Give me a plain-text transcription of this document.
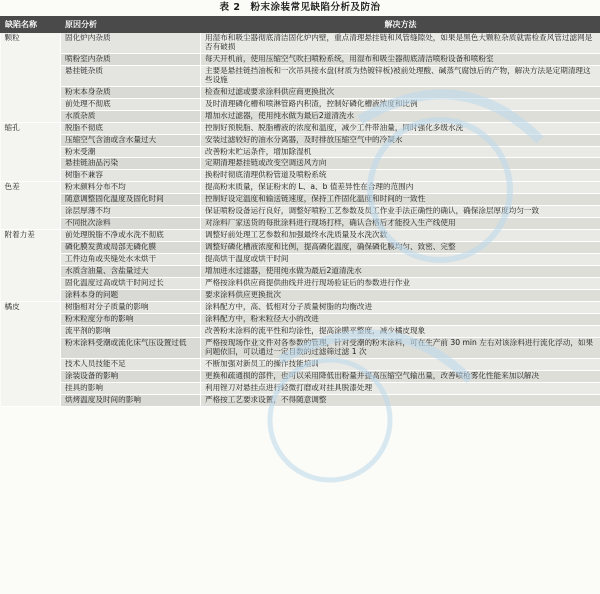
表 2　粉末涂装常见缺陷分析及防治
缺陷名称	原因分析	解决方法
颗粒	固化炉内杂质	用湿布和吸尘器彻底清洁固化炉内壁，重点清理悬挂链和风管缝隙处，如果是黑色大颗粒杂质就需检查风管过滤网是否有破损
	喷粉室内杂质	每天开机前，使用压缩空气吹扫喷粉系统，用湿布和吸尘器彻底清洁喷粉设备和喷粉室
	悬挂链杂质	主要是悬挂链挡油板和一次吊具接水盘(材质为热镀锌板)被前处理酸、碱蒸气腐蚀后的产物，解决方法是定期清理这些设施
	粉末本身杂质	检查和过滤或要求涂料供应商更换批次
	前处理不彻底	及时清理磷化槽和喷淋管路内积渣，控制好磷化槽液浓度和比例
	水质杂质	增加水过滤器，使用纯水做为最后2道清洗水
缩孔	脱脂不彻底	控制好预脱脂、脱脂槽液的浓度和温度，减少工件带油量，同时强化多级水洗
	压缩空气含油或含水量过大	安装过滤较好的油水分离器，及时排放压缩空气中的冷凝水
	粉末受潮	改善粉末贮运条件，增加除湿机
	悬挂链油品污染	定期清理悬挂链或改变空调送风方向
	树脂不兼容	换粉时彻底清理供粉管道及喷粉系统
色差	粉末颜料分布不均	提高粉末质量，保证粉末的 L、a、b 值差异性在合理的范围内
	随意调整固化温度及固化时间	控制好设定温度和输送链速度，保持工件固化温度和时间的一致性
	涂层厚薄不均	保证喷粉设备运行良好，调整好喷粉工艺参数及员工作业手法正确性的确认，确保涂层厚度均匀一致
	不同批次涂料	对涂料厂家送货的每批涂料进行现场打样，确认合格后才能投入生产线使用
附着力差	前处理脱脂不净或水洗不彻底	调整好前处理工艺参数和加强最终水洗质量及水洗次数
	磷化膜发黄或局部无磷化膜	调整好磷化槽液浓度和比例，提高磷化温度，确保磷化膜均匀、致密、完整
	工件边角或夹缝处水未烘干	提高烘干温度或烘干时间
	水质含油量、含盐量过大	增加进水过滤器，使用纯水做为最后2道清洗水
	固化温度过高或烘干时间过长	严格按涂料供应商提供曲线并进行现场验证后的参数进行作业
	涂料本身的问题	要求涂料供应更换批次
橘皮	树脂相对分子质量的影响	涂料配方中，高、低相对分子质量树脂的均衡改进
	粉末粒度分布的影响	涂料配方中，粉末粒径大小的改进
	流平剂的影响	改善粉末涂料的流平性和均涂性，提高涂膜平整度，减少橘皮现象
	粉末涂料受潮或流化床气压设置过低	严格按现场作业文件对各参数的管理，针对受潮的粉末涂料，可在生产前 30 min 左右对该涂料进行流化浮动，如果问题依旧，可以通过一定目数的过滤筛过滤 1 次
	技术人员技能不足	不断加强对新员工的操作技能培训
	涂装设备的影响	更换和疏通损的部件，也可以采用降低出粉量并提高压缩空气输出量，改善喷枪雾化性能来加以解决
	挂具的影响	利用锉刀对悬挂点进行轻微打磨或对挂具脱漆处理
	烘烤温度及时间的影响	严格按工艺要求设置，不得随意调整
